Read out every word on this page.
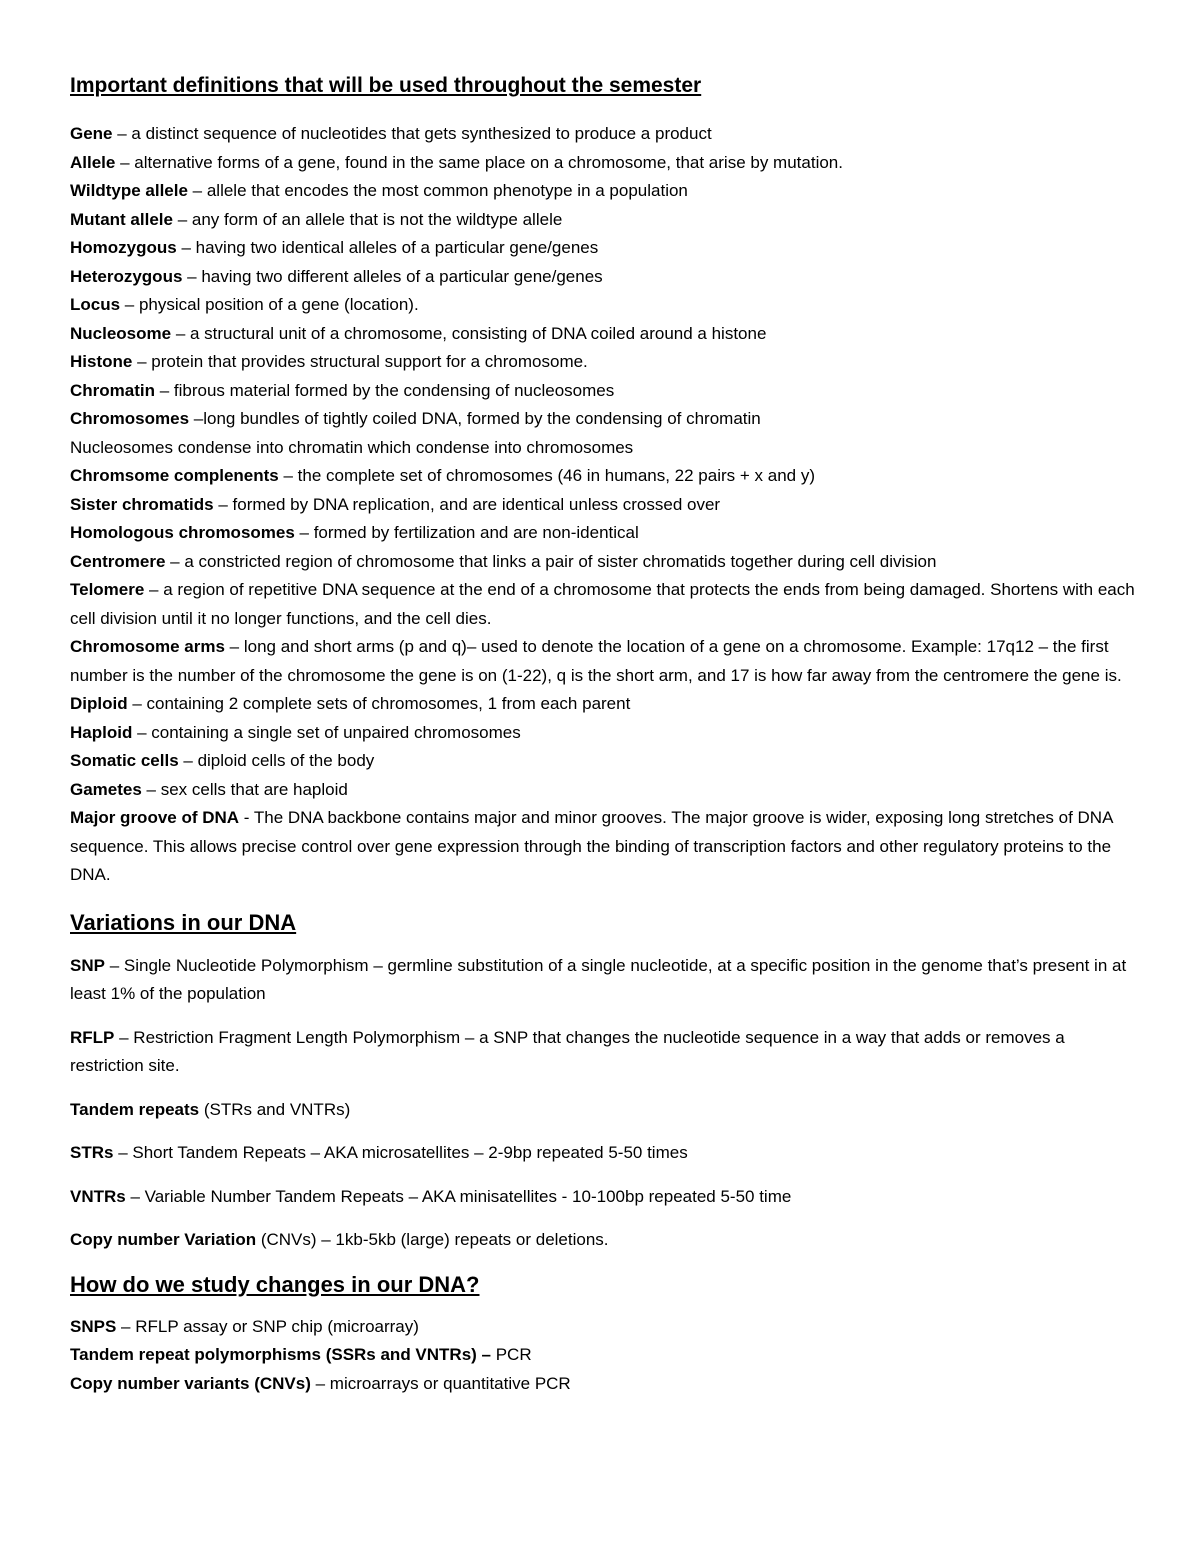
Important definitions that will be used throughout the semester

Gene – a distinct sequence of nucleotides that gets synthesized to produce a product

Allele – alternative forms of a gene, found in the same place on a chromosome, that arise by mutation.

Wildtype allele – allele that encodes the most common phenotype in a population

Mutant allele – any form of an allele that is not the wildtype allele

Homozygous – having two identical alleles of a particular gene/genes

Heterozygous – having two different alleles of a particular gene/genes

Locus – physical position of a gene (location).

Nucleosome – a structural unit of a chromosome, consisting of DNA coiled around a histone

Histone – protein that provides structural support for a chromosome.

Chromatin – fibrous material formed by the condensing of nucleosomes

Chromosomes –long bundles of tightly coiled DNA, formed by the condensing of chromatin

Nucleosomes condense into chromatin which condense into chromosomes

Chromsome complenents – the complete set of chromosomes (46 in humans, 22 pairs + x and y)

Sister chromatids – formed by DNA replication, and are identical unless crossed over

Homologous chromosomes – formed by fertilization and are non-identical

Centromere – a constricted region of chromosome that links a pair of sister chromatids together during cell division

Telomere – a region of repetitive DNA sequence at the end of a chromosome that protects the ends from being damaged. Shortens with each cell division until it no longer functions, and the cell dies.

Chromosome arms – long and short arms (p and q)– used to denote the location of a gene on a chromosome. Example: 17q12 – the first number is the number of the chromosome the gene is on (1-22), q is the short arm, and 17 is how far away from the centromere the gene is.

Diploid – containing 2 complete sets of chromosomes, 1 from each parent

Haploid – containing a single set of unpaired chromosomes

Somatic cells – diploid cells of the body

Gametes – sex cells that are haploid

Major groove of DNA - The DNA backbone contains major and minor grooves. The major groove is wider, exposing long stretches of DNA sequence. This allows precise control over gene expression through the binding of transcription factors and other regulatory proteins to the DNA.

Variations in our DNA

SNP – Single Nucleotide Polymorphism – germline substitution of a single nucleotide, at a specific position in the genome that’s present in at least 1% of the population

RFLP – Restriction Fragment Length Polymorphism – a SNP that changes the nucleotide sequence in a way that adds or removes a restriction site.

Tandem repeats (STRs and VNTRs)

STRs – Short Tandem Repeats – AKA microsatellites – 2-9bp repeated 5-50 times

VNTRs – Variable Number Tandem Repeats – AKA minisatellites - 10-100bp repeated 5-50 time

Copy number Variation (CNVs) – 1kb-5kb (large) repeats or deletions.

How do we study changes in our DNA?

SNPS – RFLP assay or SNP chip (microarray)

Tandem repeat polymorphisms (SSRs and VNTRs) – PCR

Copy number variants (CNVs) – microarrays or quantitative PCR
